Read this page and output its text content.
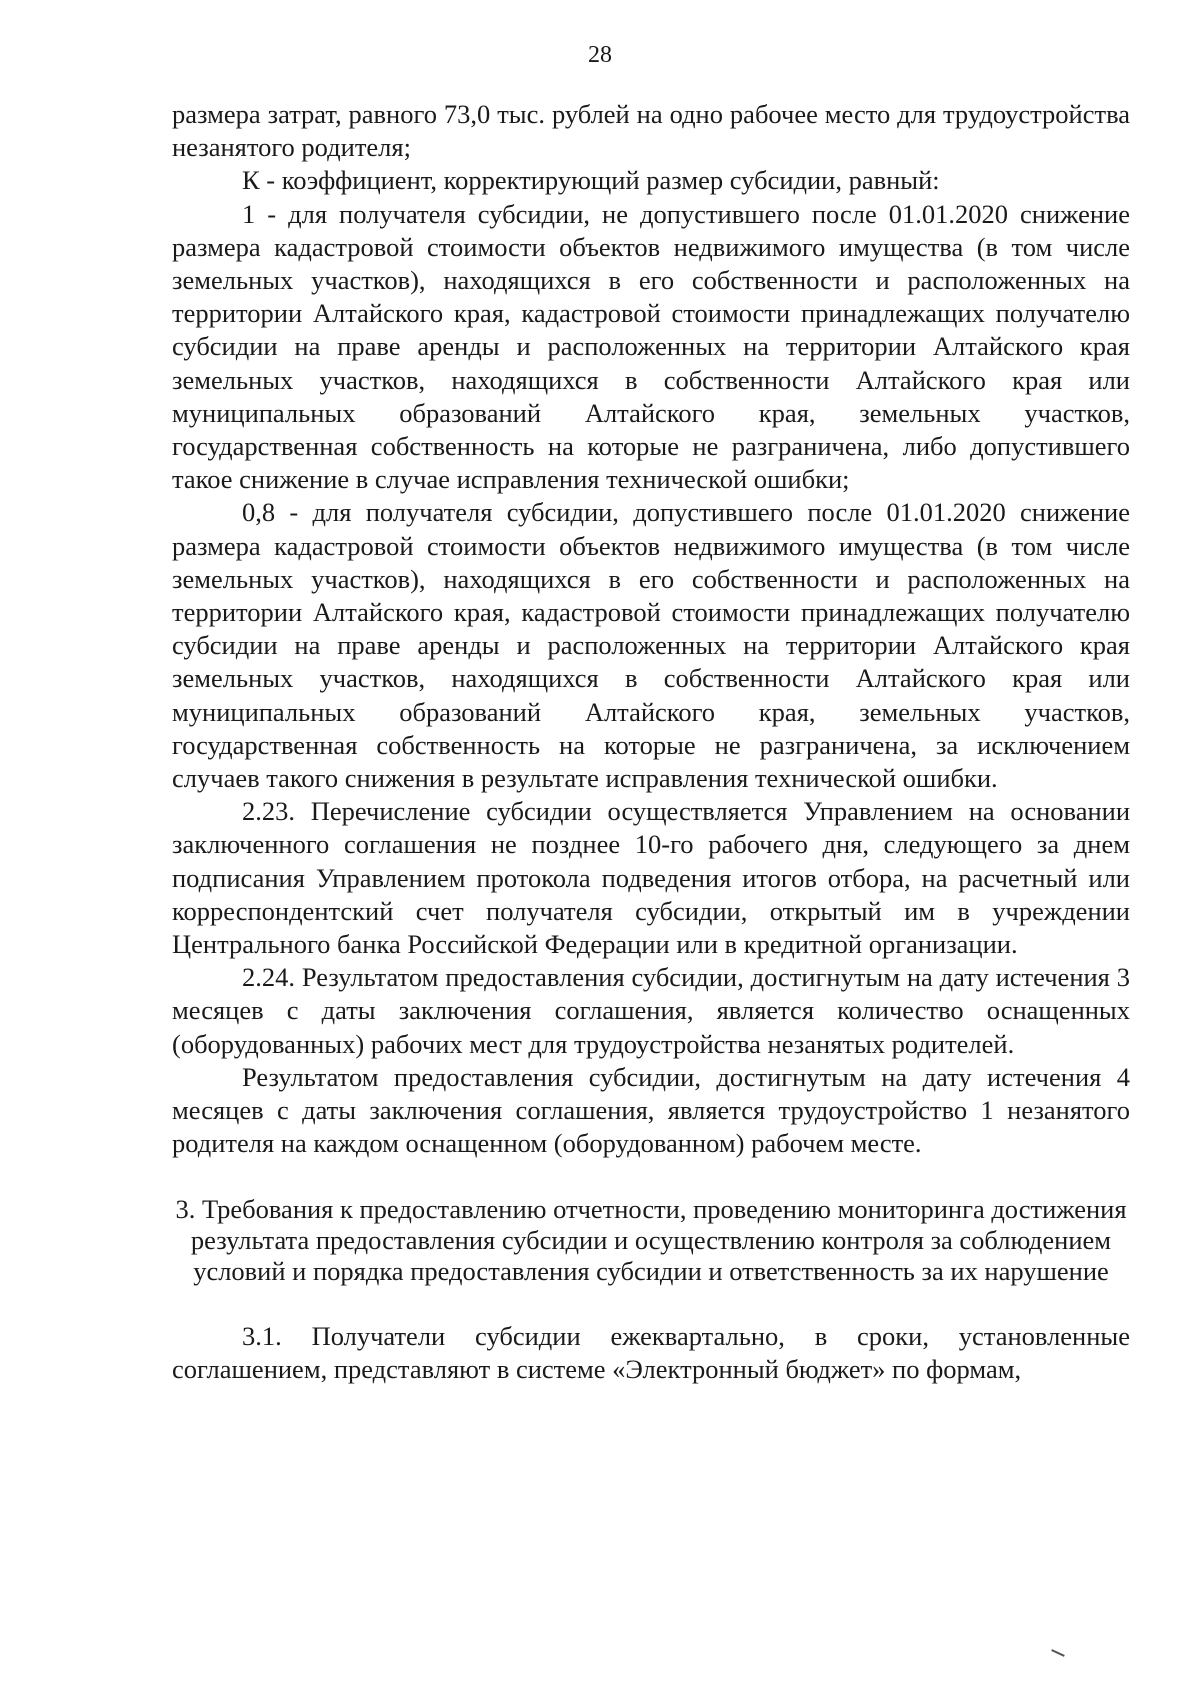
28

размера затрат, равного 73,0 тыс. рублей на одно рабочее место для трудоустройства незанятого родителя;

К - коэффициент, корректирующий размер субсидии, равный:

1 - для получателя субсидии, не допустившего после 01.01.2020 снижение размера кадастровой стоимости объектов недвижимого имущества (в том числе земельных участков), находящихся в его собственности и расположенных на территории Алтайского края, кадастровой стоимости принадлежащих получателю субсидии на праве аренды и расположенных на территории Алтайского края земельных участков, находящихся в собственности Алтайского края или муниципальных образований Алтайского края, земельных участков, государственная собственность на которые не разграничена, либо допустившего такое снижение в случае исправления технической ошибки;

0,8 - для получателя субсидии, допустившего после 01.01.2020 снижение размера кадастровой стоимости объектов недвижимого имущества (в том числе земельных участков), находящихся в его собственности и расположенных на территории Алтайского края, кадастровой стоимости принадлежащих получателю субсидии на праве аренды и расположенных на территории Алтайского края земельных участков, находящихся в собственности Алтайского края или муниципальных образований Алтайского края, земельных участков, государственная собственность на которые не разграничена, за исключением случаев такого снижения в результате исправления технической ошибки.

2.23. Перечисление субсидии осуществляется Управлением на основании заключенного соглашения не позднее 10-го рабочего дня, следующего за днем подписания Управлением протокола подведения итогов отбора, на расчетный или корреспондентский счет получателя субсидии, открытый им в учреждении Центрального банка Российской Федерации или в кредитной организации.

2.24. Результатом предоставления субсидии, достигнутым на дату истечения 3 месяцев с даты заключения соглашения, является количество оснащенных (оборудованных) рабочих мест для трудоустройства незанятых родителей.

Результатом предоставления субсидии, достигнутым на дату истечения 4 месяцев с даты заключения соглашения, является трудоустройство 1 незанятого родителя на каждом оснащенном (оборудованном) рабочем месте.

3. Требования к предоставлению отчетности, проведению мониторинга достижения результата предоставления субсидии и осуществлению контроля за соблюдением условий и порядка предоставления субсидии и ответственность за их нарушение

3.1. Получатели субсидии ежеквартально, в сроки, установленные соглашением, представляют в системе «Электронный бюджет» по формам,
